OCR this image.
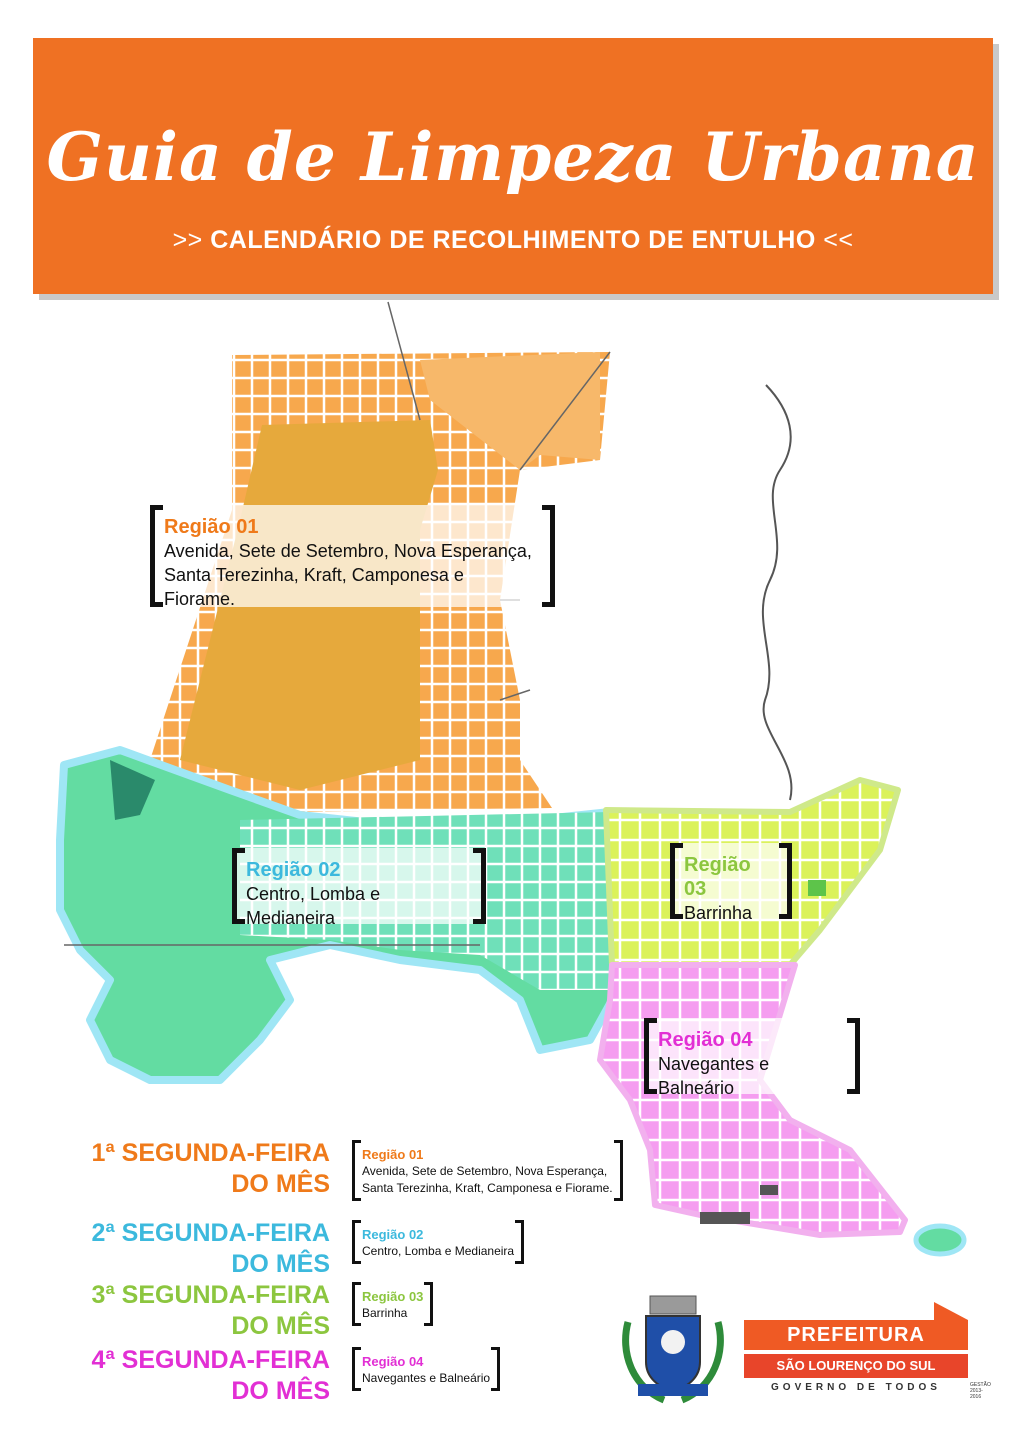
Guia de Limpeza Urbana
>> CALENDÁRIO DE RECOLHIMENTO DE ENTULHO <<
Região 01
Avenida, Sete de Setembro, Nova Esperança,
Santa Terezinha, Kraft, Camponesa e Fiorame.
Região 02
Centro, Lomba e Medianeira
Região 03
Barrinha
Região 04
Navegantes e Balneário
1ª SEGUNDA-FEIRA
DO MÊS
Região 01
Avenida, Sete de Setembro, Nova Esperança,
Santa Terezinha, Kraft, Camponesa e Fiorame.
2ª SEGUNDA-FEIRA
DO MÊS
Região 02
Centro, Lomba e Medianeira
3ª SEGUNDA-FEIRA
DO MÊS
Região 03
Barrinha
4ª SEGUNDA-FEIRA
DO MÊS
Região 04
Navegantes e Balneário
PREFEITURA
SÃO LOURENÇO DO SUL
GOVERNO DE TODOS	GESTÃO
2013-2016
